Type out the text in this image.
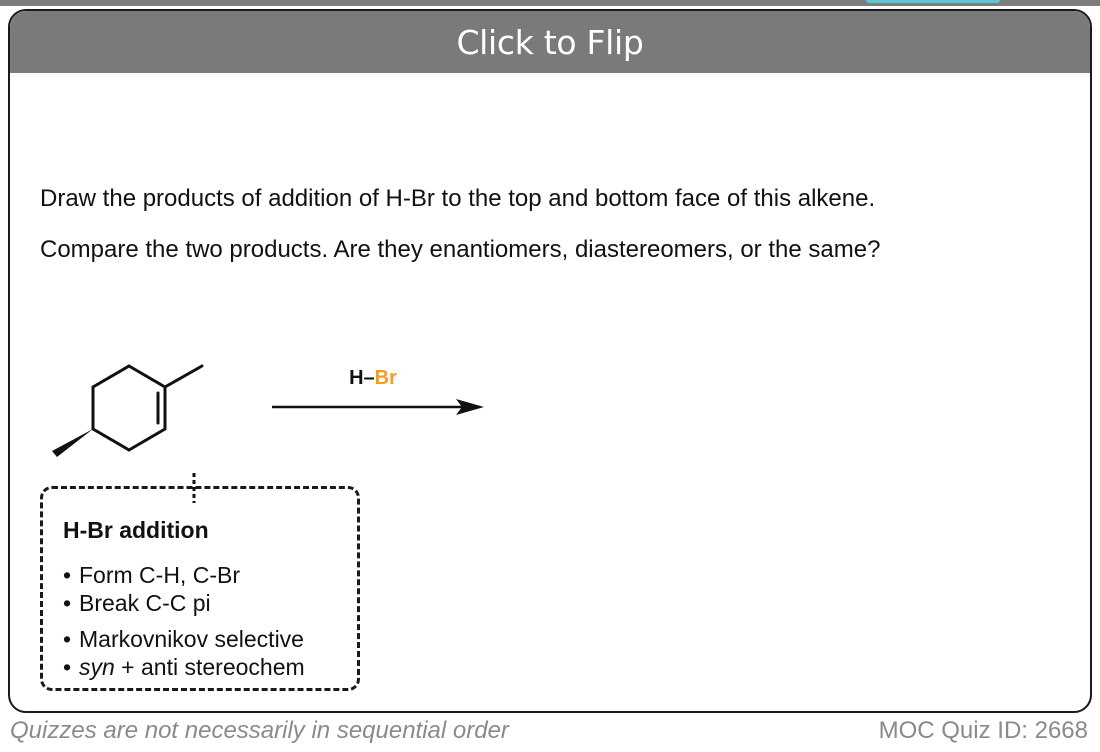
Click to Flip

Draw the products of addition of H-Br to the top and bottom face of this alkene.

Compare the two products. Are they enantiomers, diastereomers, or the same?

H–Br
H-Br addition
• Form C-H, C-Br
• Break C-C pi
• Markovnikov selective
• syn + anti stereochem
Quizzes are not necessarily in sequential order	MOC Quiz ID: 2668
